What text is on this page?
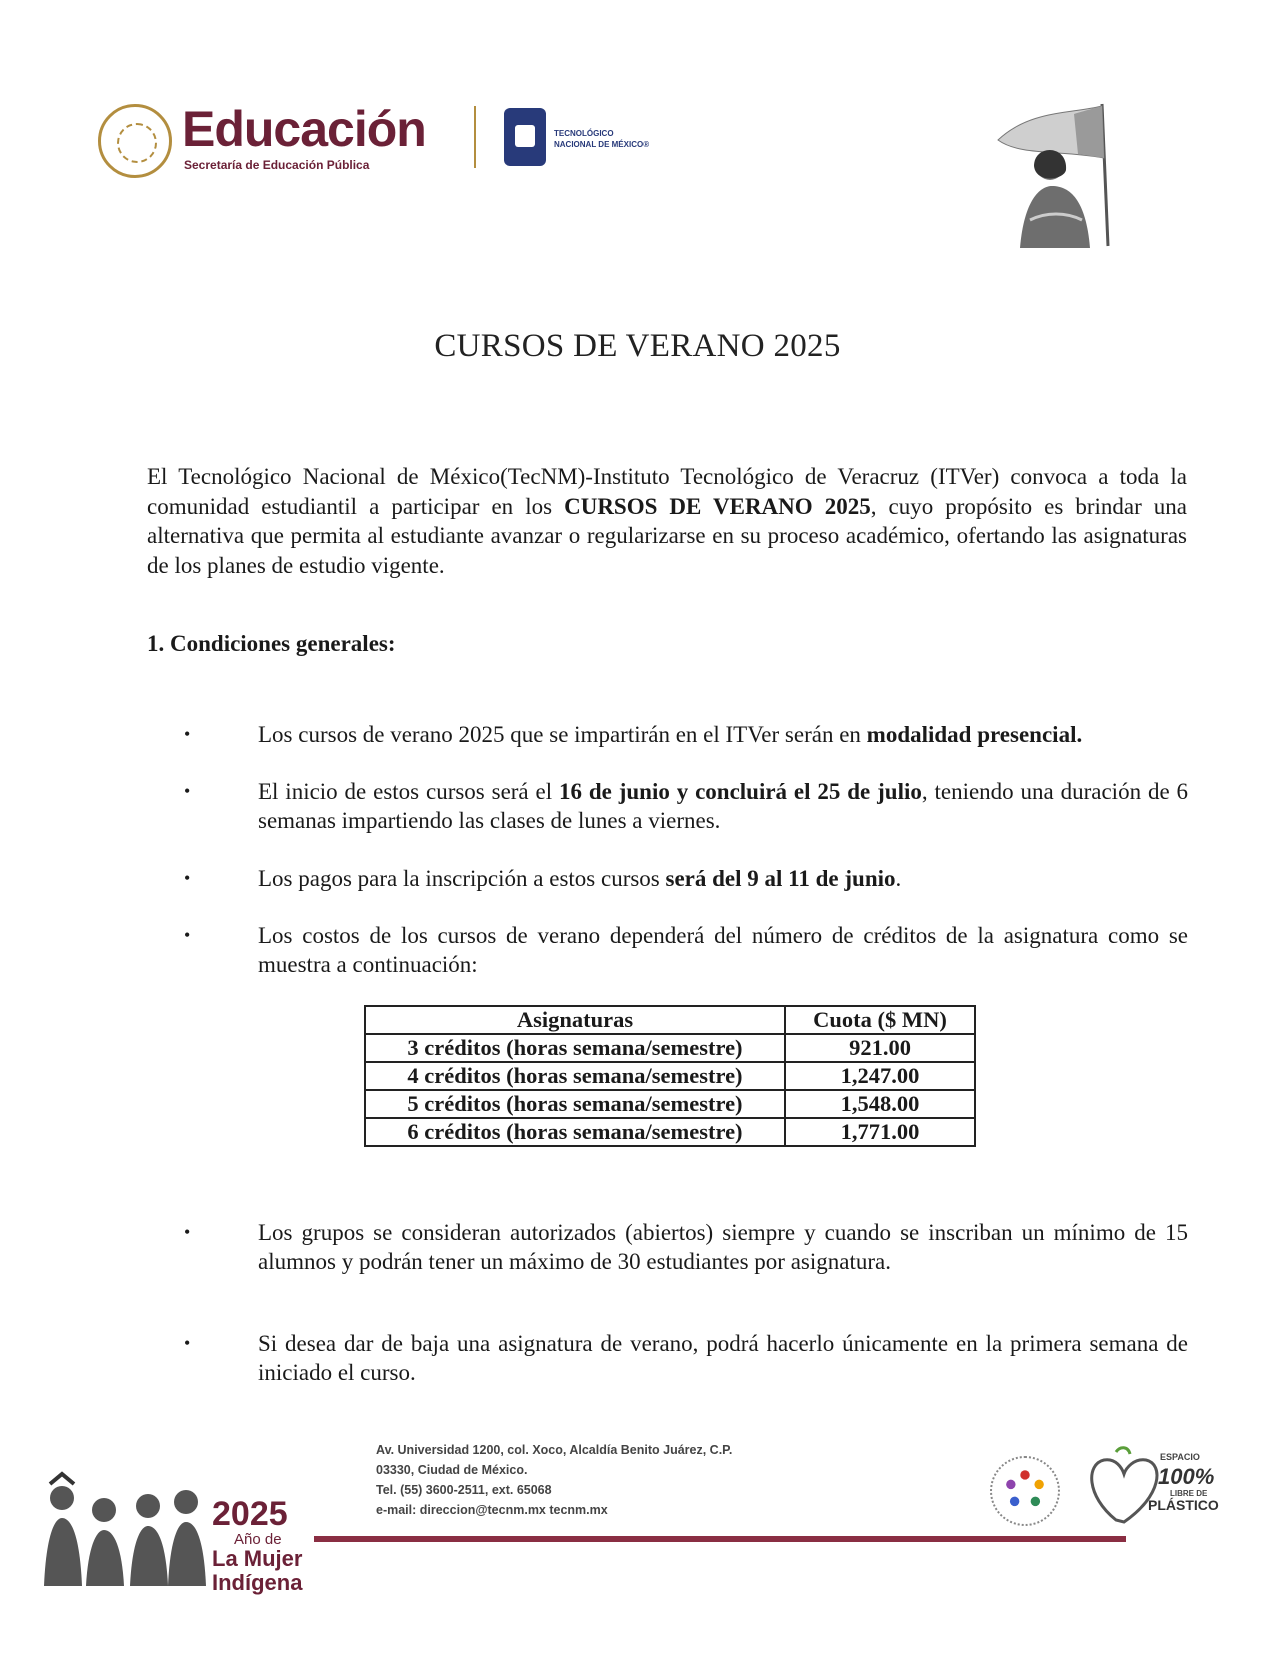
Educación
Secretaría de Educación Pública
TECNOLÓGICO
NACIONAL DE MÉXICO®
CURSOS DE VERANO 2025

El Tecnológico Nacional de México(TecNM)-Instituto Tecnológico de Veracruz (ITVer) convoca a toda la comunidad estudiantil a participar en los CURSOS DE VERANO 2025, cuyo propósito es brindar una alternativa que permita al estudiante avanzar o regularizarse en su proceso académico, ofertando las asignaturas de los planes de estudio vigente.

1. Condiciones generales:
•	Los cursos de verano 2025 que se impartirán en el ITVer serán en modalidad presencial.

•	El inicio de estos cursos será el 16 de junio y concluirá el 25 de julio, teniendo una duración de 6 semanas impartiendo las clases de lunes a viernes.

•	Los pagos para la inscripción a estos cursos será del 9 al 11 de junio.

•	Los costos de los cursos de verano dependerá del número de créditos de la asignatura como se muestra a continuación:

Asignaturas	Cuota ($ MN)
3 créditos (horas semana/semestre)	921.00
4 créditos (horas semana/semestre)	1,247.00
5 créditos (horas semana/semestre)	1,548.00
6 créditos (horas semana/semestre)	1,771.00
•	Los grupos se consideran autorizados (abiertos) siempre y cuando se inscriban un mínimo de 15 alumnos y podrán tener un máximo de 30 estudiantes por asignatura.

•	Si desea dar de baja una asignatura de verano, podrá hacerlo únicamente en la primera semana de iniciado el curso.

2025
Año de
La Mujer
Indígena
Av. Universidad 1200, col. Xoco, Alcaldía Benito Juárez, C.P.
03330, Ciudad de México.
Tel. (55) 3600-2511, ext. 65068
e-mail: direccion@tecnm.mx tecnm.mx
ESPACIO
100%
LIBRE DE
PLÁSTICO
